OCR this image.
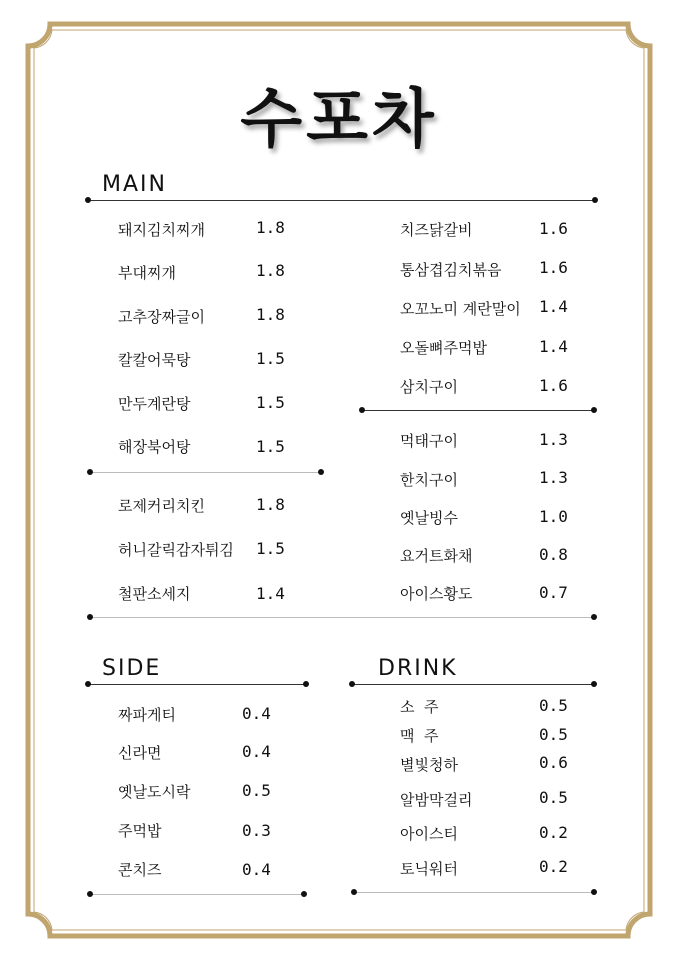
수포차
MAIN
돼지김치찌개	1.8
부대찌개	1.8
고추장짜글이	1.8
칼칼어묵탕	1.5
만두계란탕	1.5
해장북어탕	1.5
로제커리치킨	1.8
허니갈릭감자튀김 1.5
철판소세지	1.4
치즈닭갈비	1.6
통삼겹김치볶음 1.6
오꼬노미 계란말이 1.4
오돌뼈주먹밥	1.4
삼치구이	1.6
먹태구이	1.3
한치구이	1.3
옛날빙수	1.0
요거트화채	0.8
아이스황도	0.7
SIDE
짜파게티	0.4
신라면	0.4
옛날도시락	0.5
주먹밥	0.3
콘치즈	0.4
DRINK
소  주	0.5
맥  주	0.5
별빛청하	0.6
알밤막걸리	0.5
아이스티	0.2
토닉워터	0.2
